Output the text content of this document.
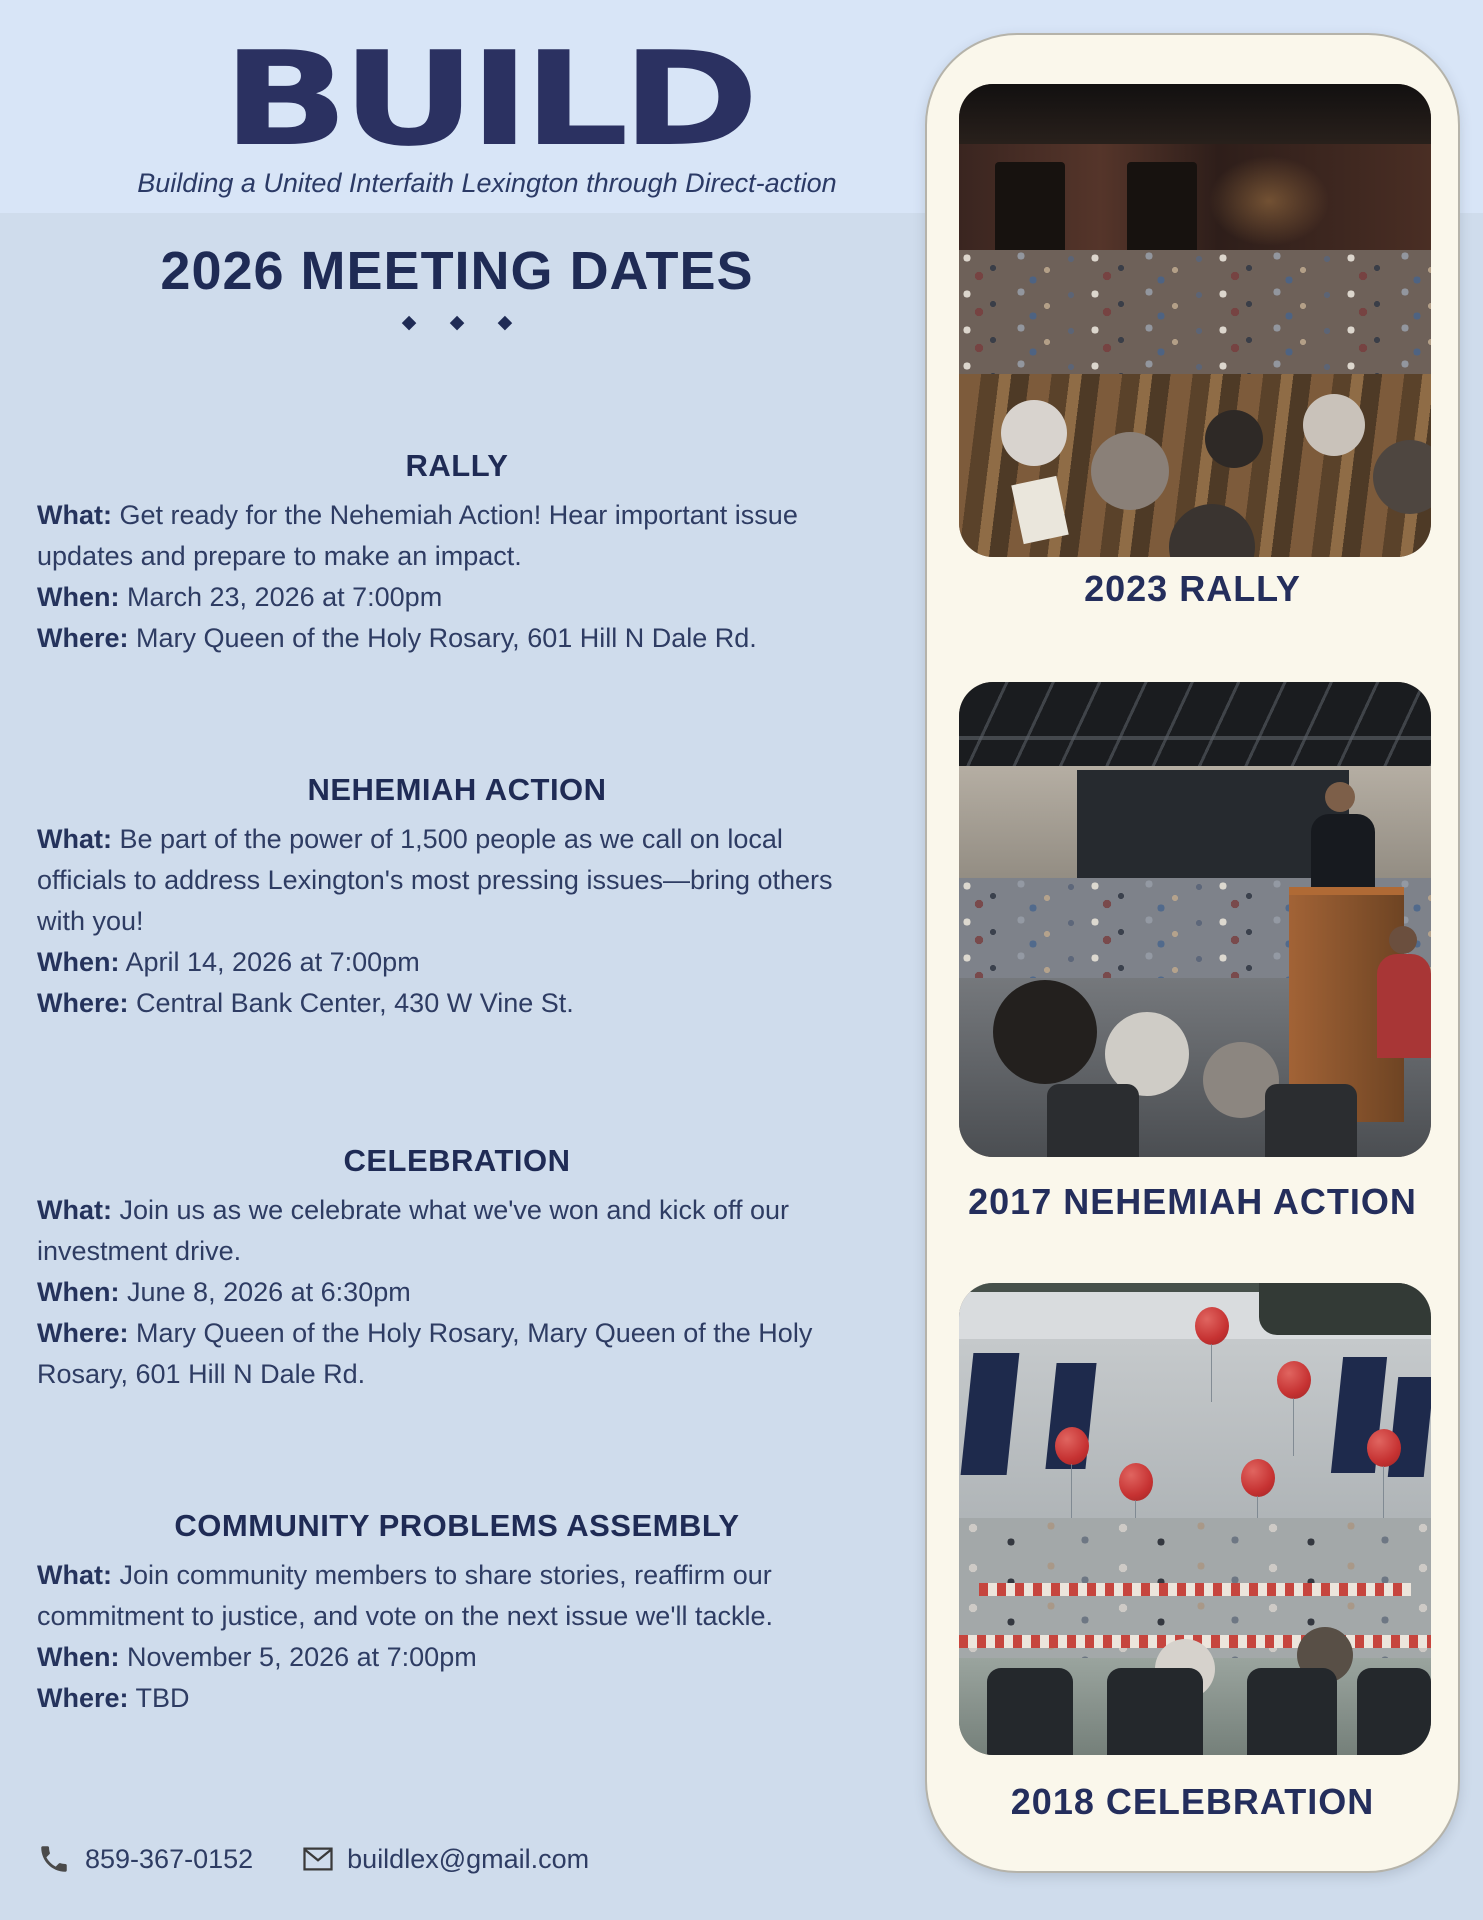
BUILD
Building a United Interfaith Lexington through Direct-action
2026 MEETING DATES
◆ ◆ ◆
RALLY

What: Get ready for the Nehemiah Action! Hear important issue updates and prepare to make an impact.

When: March 23, 2026 at 7:00pm

Where: Mary Queen of the Holy Rosary, 601 Hill N Dale Rd.

NEHEMIAH ACTION

What: Be part of the power of 1,500 people as we call on local officials to address Lexington's most pressing issues—bring others with you!

When: April 14, 2026 at 7:00pm

Where: Central Bank Center, 430 W Vine St.

CELEBRATION

What: Join us as we celebrate what we've won and kick off our investment drive.

When: June 8, 2026 at 6:30pm

Where: Mary Queen of the Holy Rosary, Mary Queen of the Holy Rosary, 601 Hill N Dale Rd.

COMMUNITY PROBLEMS ASSEMBLY

What: Join community members to share stories, reaffirm our commitment to justice, and vote on the next issue we'll tackle.

When: November 5, 2026 at 7:00pm

Where: TBD

2023 RALLY
2017 NEHEMIAH ACTION
2018 CELEBRATION
859-367-0152	buildlex@gmail.com
